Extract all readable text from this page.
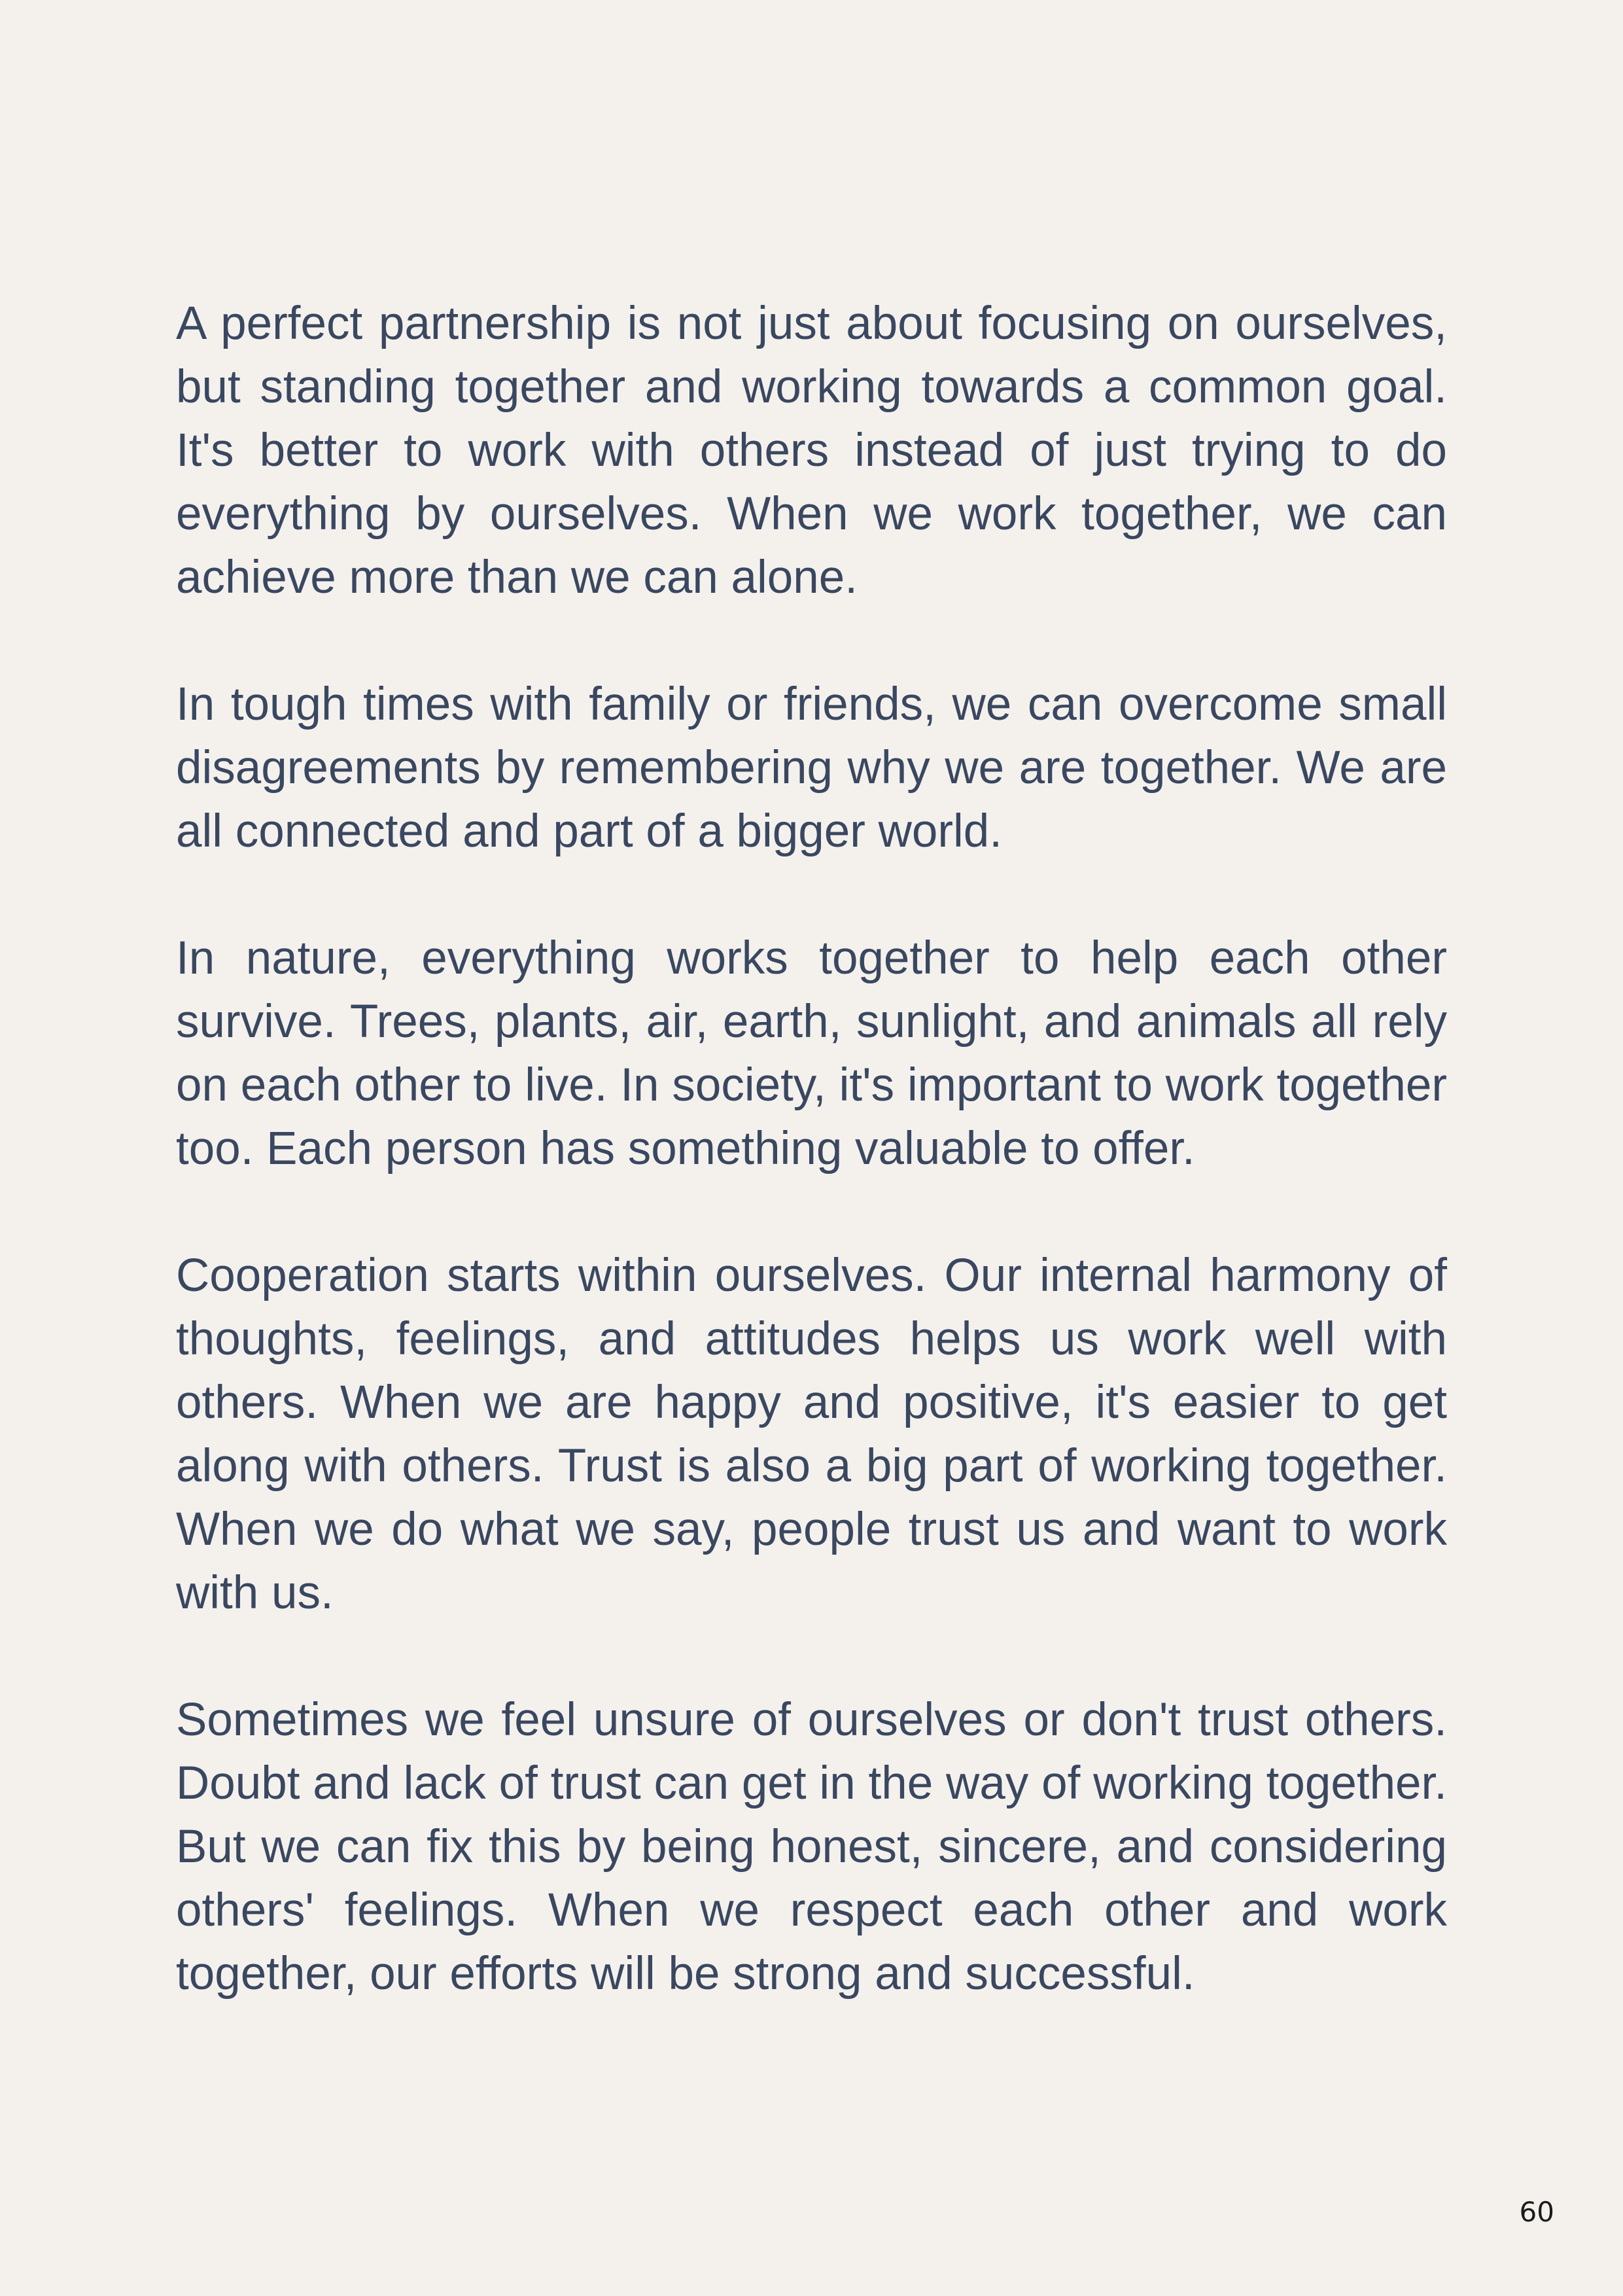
A perfect partnership is not just about focusing on ourselves, but standing together and working towards a common goal. It's better to work with others instead of just trying to do everything by ourselves. When we work together, we can achieve more than we can alone.

In tough times with family or friends, we can overcome small disagreements by remembering why we are together. We are all connected and part of a bigger world.

In nature, everything works together to help each other survive. Trees, plants, air, earth, sunlight, and animals all rely on each other to live. In society, it's important to work together too. Each person has something valuable to offer.

Cooperation starts within ourselves. Our internal harmony of thoughts, feelings, and attitudes helps us work well with others. When we are happy and positive, it's easier to get along with others. Trust is also a big part of working together. When we do what we say, people trust us and want to work with us.

Sometimes we feel unsure of ourselves or don't trust others. Doubt and lack of trust can get in the way of working together. But we can fix this by being honest, sincere, and considering others' feelings. When we respect each other and work together, our efforts will be strong and successful.

60
